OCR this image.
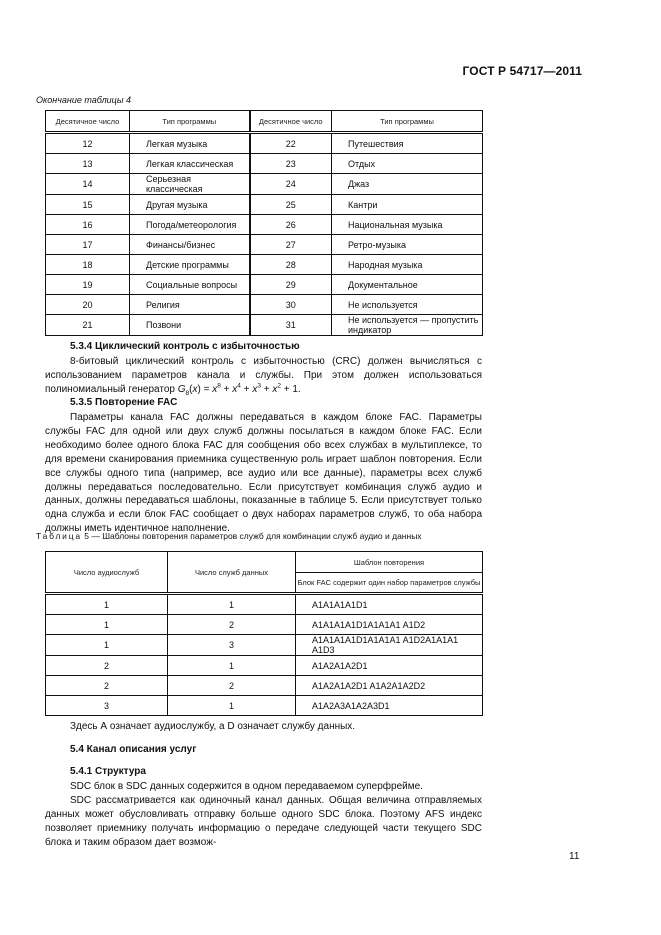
ГОСТ Р 54717—2011
Окончание таблицы 4
Десятичное число	Тип программы	Десятичное число	Тип программы
12	Легкая музыка	22	Путешествия
13	Легкая классическая	23	Отдых
14	Серьезная классическая	24	Джаз
15	Другая музыка	25	Кантри
16	Погода/метеорология	26	Национальная музыка
17	Финансы/бизнес	27	Ретро-музыка
18	Детские программы	28	Народная музыка
19	Социальные вопросы	29	Документальное
20	Религия	30	Не используется
21	Позвони	31	Не используется — пропустить индикатор
5.3.4 Циклический контроль с избыточностью
8-битовый циклический контроль с избыточностью (CRC) должен вычисляться с использованием параметров канала и службы. При этом должен использоваться полиномиальный генератор $G_8(x) = x^8 + x^4 + x^3 + x^2 + 1$.
5.3.5 Повторение FAC
Параметры канала FAC должны передаваться в каждом блоке FAC. Параметры службы FAC для одной или двух служб должны посылаться в каждом блоке FAC. Если необходимо более одного блока FAC для сообщения обо всех службах в мультиплексе, то для времени сканирования приемника существенную роль играет шаблон повторения. Если все службы одного типа (например, все аудио или все данные), параметры всех служб должны передаваться последовательно. Если присутствует комбинация служб аудио и данных, должны передаваться шаблоны, показанные в таблице 5. Если присутствует только одна служба и если блок FAC сообщает о двух наборах параметров служб, то оба набора должны иметь идентичное наполнение.
Таблица 5 — Шаблоны повторения параметров служб для комбинации служб аудио и данных
Число аудиослужб	Число служб данных	Шаблон повторения
		Блок FAC содержит один набор параметров службы
1	1	A1A1A1A1D1
1	2	A1A1A1A1D1A1A1A1 A1D2
1	3	A1A1A1A1D1A1A1A1 A1D2A1A1A1 A1D3
2	1	A1A2A1A2D1
2	2	A1A2A1A2D1 A1A2A1A2D2
3	1	A1A2A3A1A2A3D1
Здесь А означает аудиослужбу, а D означает службу данных.
5.4 Канал описания услуг
5.4.1 Структура
SDC блок в SDC данных содержится в одном передаваемом суперфрейме.
SDC рассматривается как одиночный канал данных. Общая величина отправляемых данных может обусловливать отправку больше одного SDC блока. Поэтому AFS индекс позволяет приемнику получать информацию о передаче следующей части текущего SDC блока и таким образом дает возмож-
11
